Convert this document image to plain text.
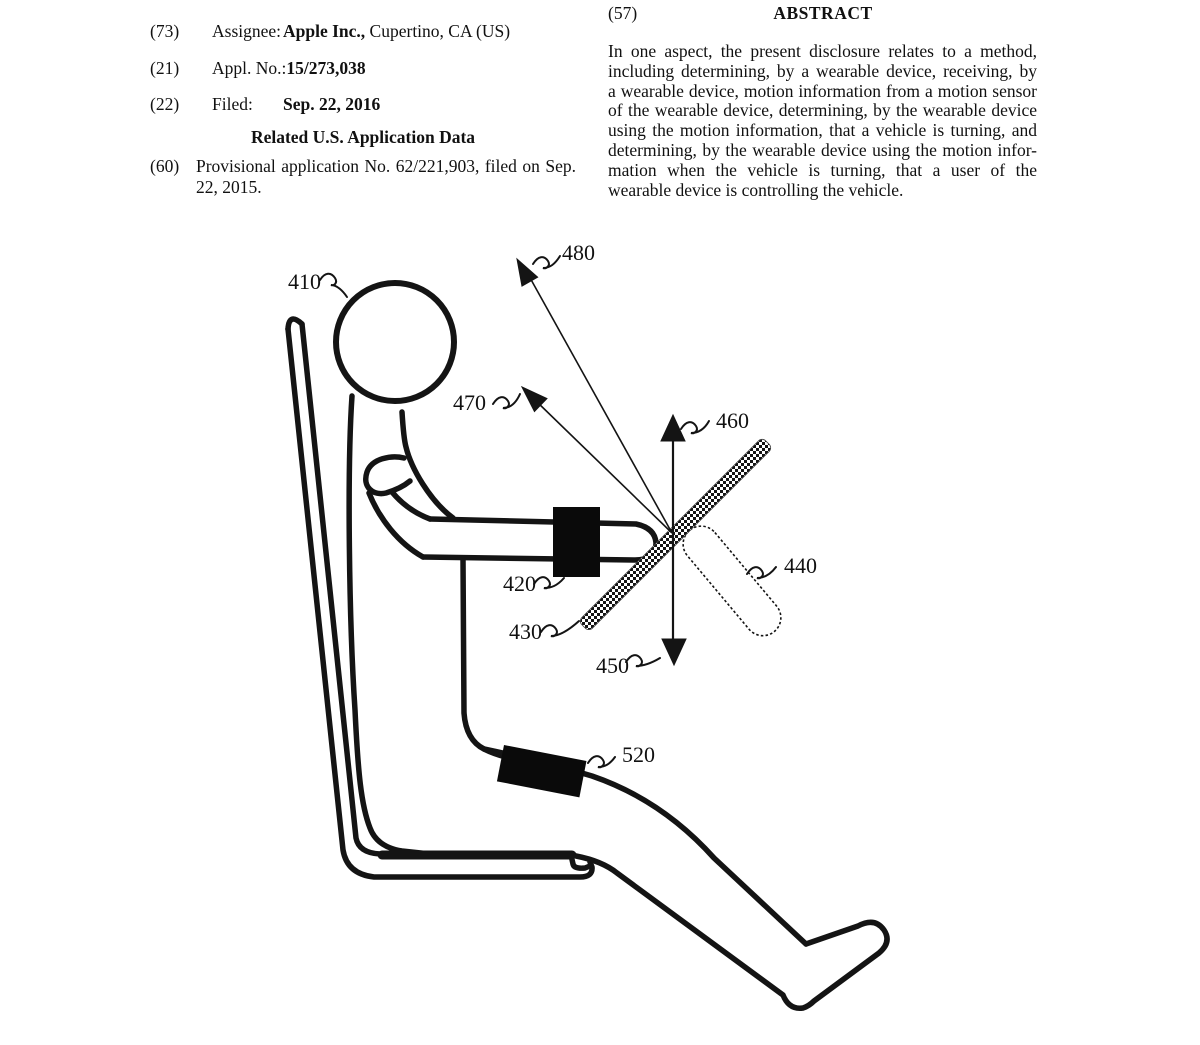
(73) Assignee: Apple Inc., Cupertino, CA (US)
(21) Appl. No.:15/273,038
(22) Filed: Sep. 22, 2016
Related U.S. Application Data
(60) Provisional application No. 62/221,903, filed on Sep.
22, 2015.
(57)	ABSTRACT
In one aspect, the present disclosure relates to a method,
including determining, by a wearable device, receiving, by
a wearable device, motion information from a motion sensor
of the wearable device, determining, by the wearable device
using the motion information, that a vehicle is turning, and
determining, by the wearable device using the motion infor-
mation when the vehicle is turning, that a user of the
wearable device is controlling the vehicle.
410
480
470
460
440
420
430
450
520
